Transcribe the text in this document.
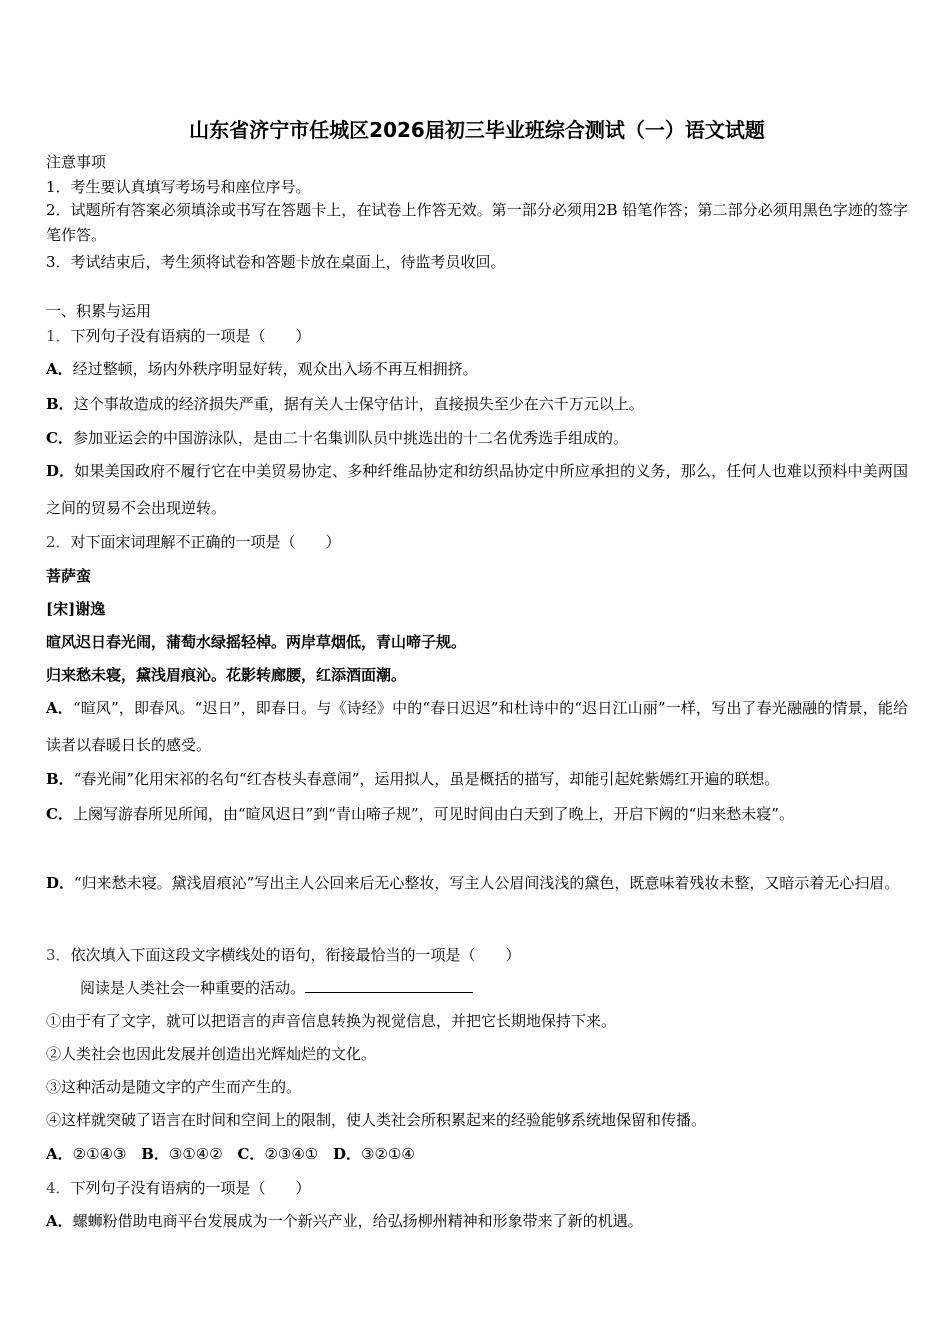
山东省济宁市任城区2026届初三毕业班综合测试（一）语文试题
注意事项
1．考生要认真填写考场号和座位序号。
2．试题所有答案必须填涂或书写在答题卡上，在试卷上作答无效。第一部分必须用2B 铅笔作答；第二部分必须用黑色字迹的签字笔作答。
3．考试结束后，考生须将试卷和答题卡放在桌面上，待监考员收回。
一、积累与运用
1．下列句子没有语病的一项是（　　）
A．经过整顿，场内外秩序明显好转，观众出入场不再互相拥挤。
B．这个事故造成的经济损失严重，据有关人士保守估计，直接损失至少在六千万元以上。
C．参加亚运会的中国游泳队，是由二十名集训队员中挑选出的十二名优秀选手组成的。
D．如果美国政府不履行它在中美贸易协定、多种纤维品协定和纺织品协定中所应承担的义务，那么，任何人也难以预料中美两国之间的贸易不会出现逆转。
2．对下面宋词理解不正确的一项是（　　）
菩萨蛮
[宋]谢逸
暄风迟日春光闹，蒲萄水绿摇轻棹。两岸草烟低，青山啼子规。
归来愁未寝，黛浅眉痕沁。花影转廊腰，红添酒面潮。
A．“暄风”，即春风。“迟日”，即春日。与《诗经》中的“春日迟迟”和杜诗中的“迟日江山丽”一样，写出了春光融融的情景，能给读者以春暖日长的感受。
B．“春光闹”化用宋祁的名句“红杏枝头春意闹”，运用拟人，虽是概括的描写，却能引起姹紫嫣红开遍的联想。
C．上阕写游春所见所闻，由“暄风迟日”到“青山啼子规”，可见时间由白天到了晚上，开启下阙的“归来愁未寝”。
D．“归来愁未寝。黛浅眉痕沁”写出主人公回来后无心整妆，写主人公眉间浅浅的黛色，既意味着残妆未整，又暗示着无心扫眉。
3．依次填入下面这段文字横线处的语句，衔接最恰当的一项是（　　）
阅读是人类社会一种重要的活动。
①由于有了文字，就可以把语言的声音信息转换为视觉信息，并把它长期地保持下来。
②人类社会也因此发展并创造出光辉灿烂的文化。
③这种活动是随文字的产生而产生的。
④这样就突破了语言在时间和空间上的限制，使人类社会所积累起来的经验能够系统地保留和传播。
A．②①④③ B．③①④② C．②③④① D．③②①④
4．下列句子没有语病的一项是（　　）
A．螺蛳粉借助电商平台发展成为一个新兴产业，给弘扬柳州精神和形象带来了新的机遇。
